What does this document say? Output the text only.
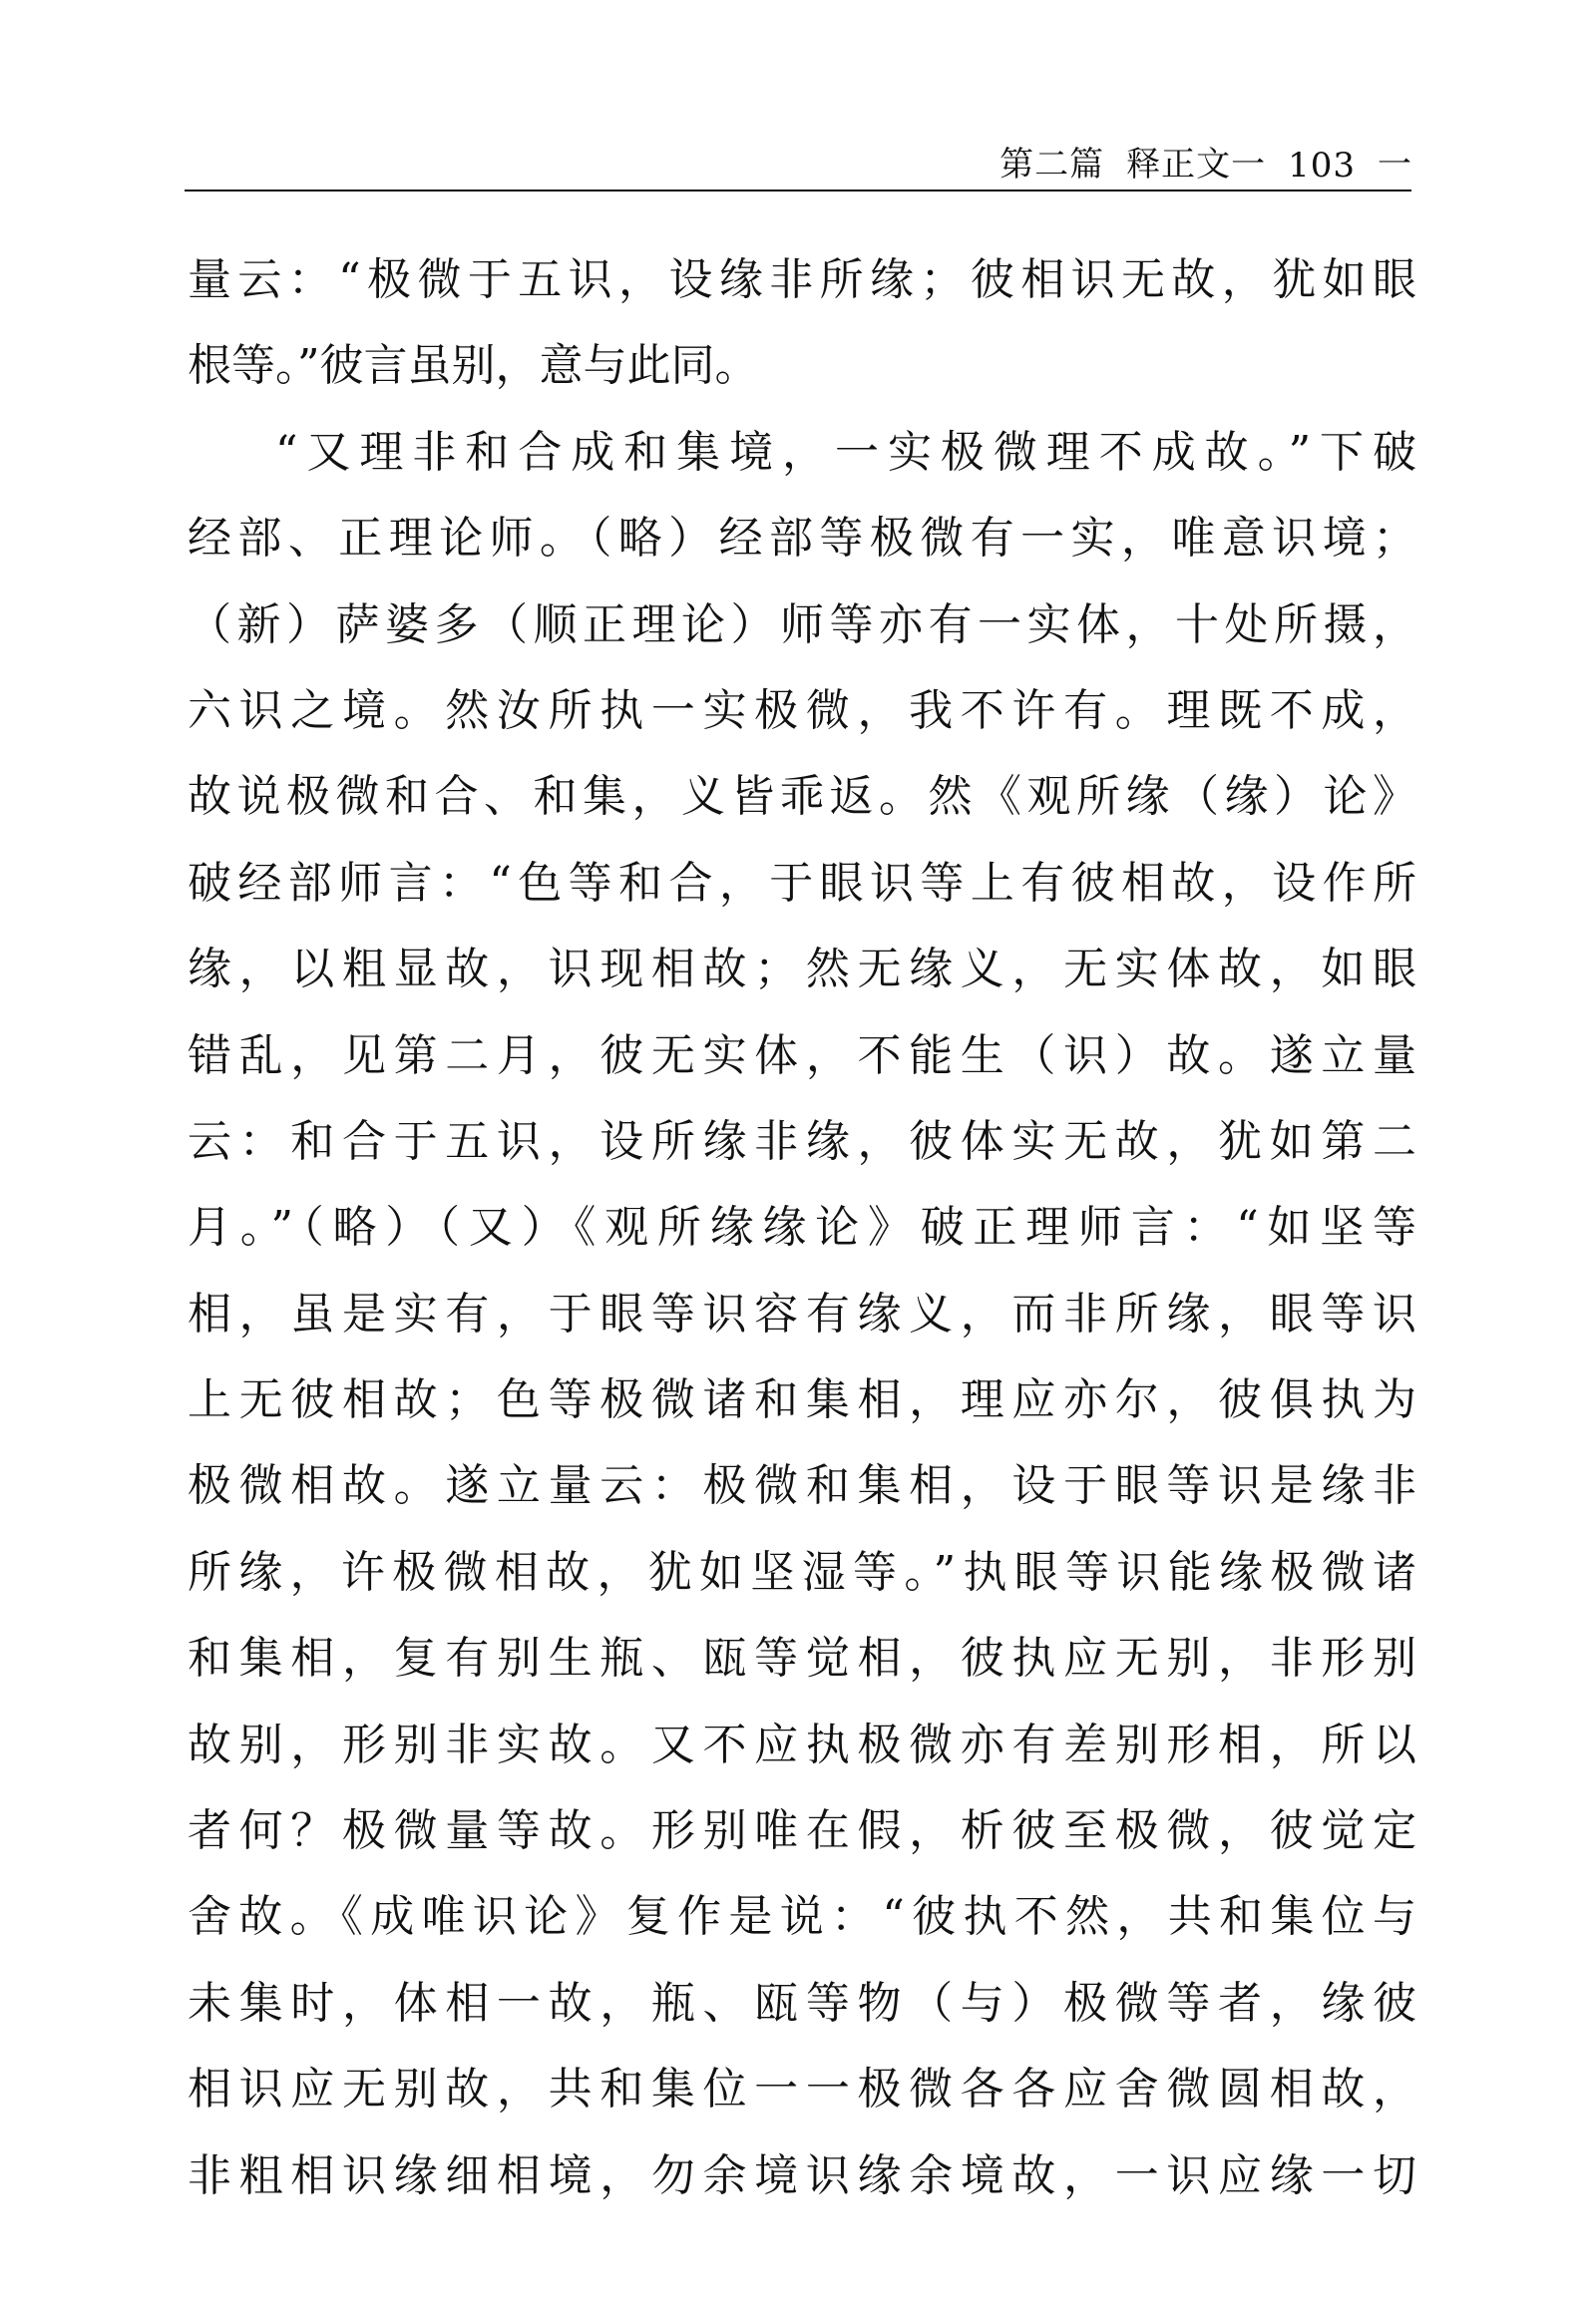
第二篇 释正文一 103 一
量云：“极微于五识，设缘非所缘；彼相识无故，犹如眼
根等。”彼言虽别，意与此同。
“又理非和合成和集境，一实极微理不成故。”下破
经部、正理论师。（略）经部等极微有一实，唯意识境；
（新）萨婆多（顺正理论）师等亦有一实体，十处所摄，
六识之境。然汝所执一实极微，我不许有。理既不成，
故说极微和合、和集，义皆乖返。然《观所缘（缘）论》
破经部师言：“色等和合，于眼识等上有彼相故，设作所
缘，以粗显故，识现相故；然无缘义，无实体故，如眼
错乱，见第二月，彼无实体，不能生（识）故。遂立量
云：和合于五识，设所缘非缘，彼体实无故，犹如第二
月。”（略）（又）《观所缘缘论》破正理师言：“如坚等
相，虽是实有，于眼等识容有缘义，而非所缘，眼等识
上无彼相故；色等极微诸和集相，理应亦尔，彼俱执为
极微相故。遂立量云：极微和集相，设于眼等识是缘非
所缘，许极微相故，犹如坚湿等。”执眼等识能缘极微诸
和集相，复有别生瓶、瓯等觉相，彼执应无别，非形别
故别，形别非实故。又不应执极微亦有差别形相，所以
者何？极微量等故。形别唯在假，析彼至极微，彼觉定
舍故。《成唯识论》复作是说：“彼执不然，共和集位与
未集时，体相一故，瓶、瓯等物（与）极微等者，缘彼
相识应无别故，共和集位一一极微各各应舍微圆相故，
非粗相识缘细相境，勿余境识缘余境故，一识应缘一切
